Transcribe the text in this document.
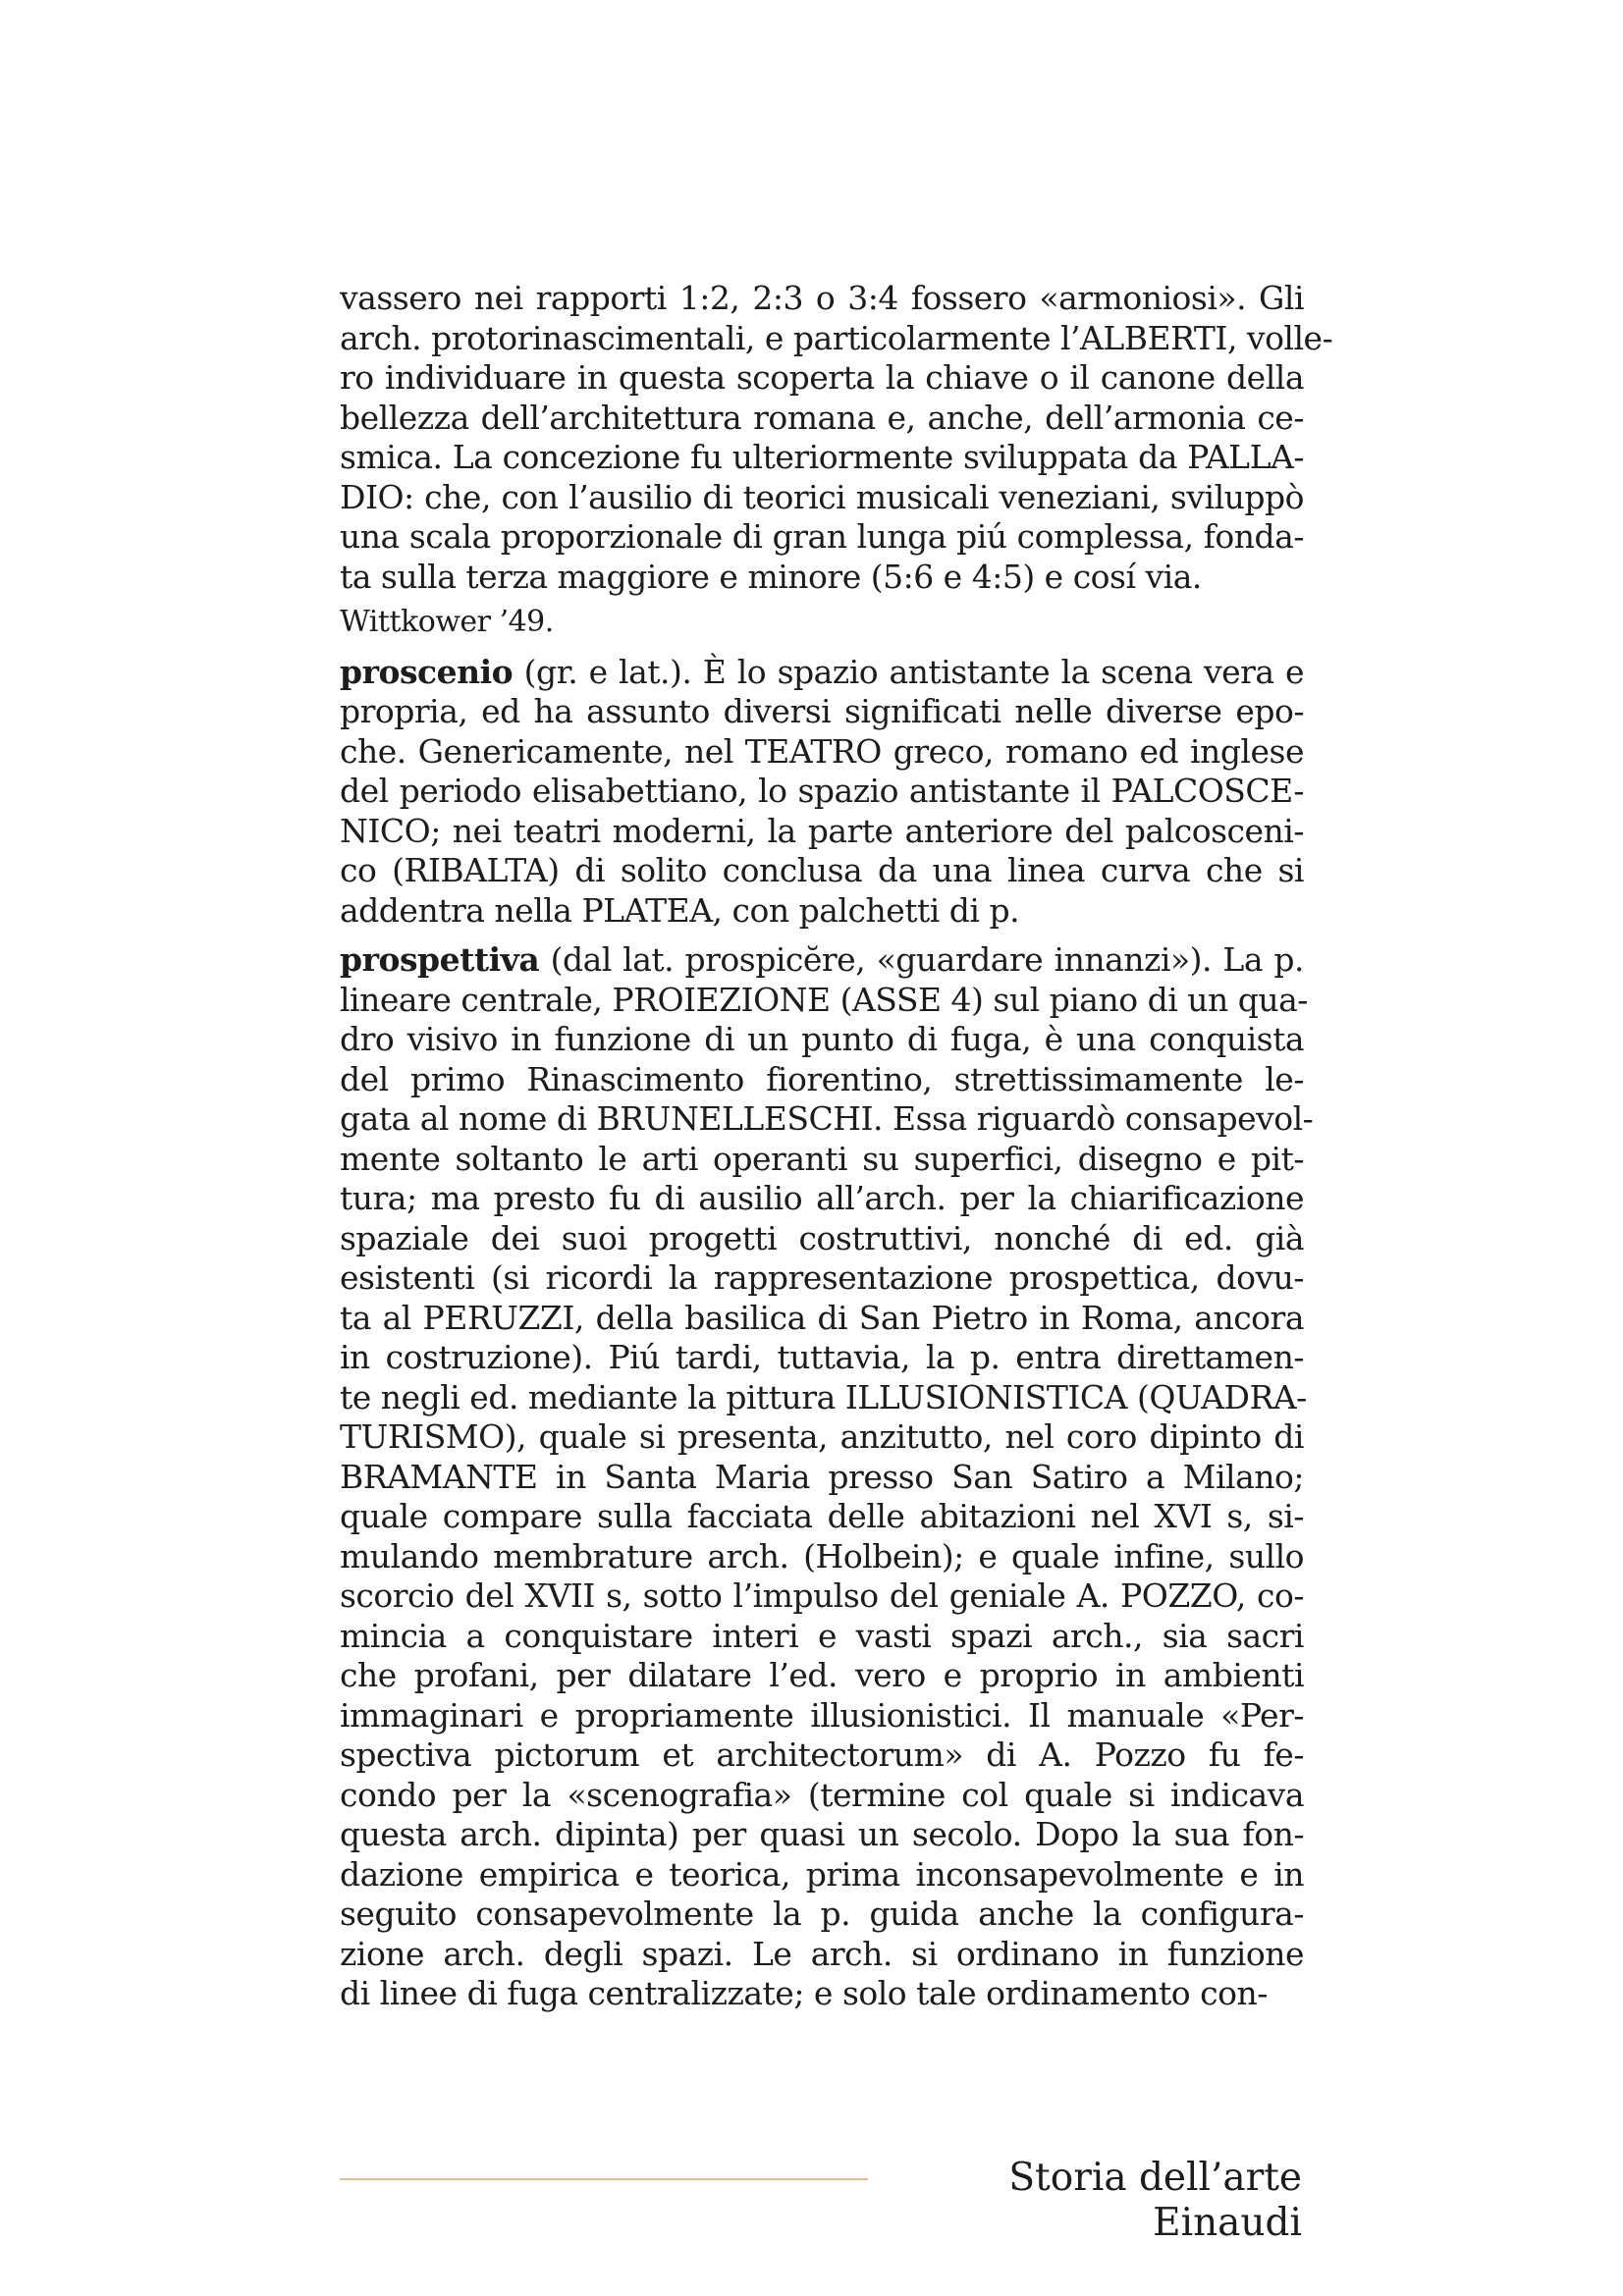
vassero nei rapporti 1:2, 2:3 o 3:4 fossero «armoniosi». Gli
arch. protorinascimentali, e particolarmente l’ALBERTI, volle-
ro individuare in questa scoperta la chiave o il canone della
bellezza dell’architettura romana e, anche, dell’armonia ce-
smica. La concezione fu ulteriormente sviluppata da PALLA-
DIO: che, con l’ausilio di teorici musicali veneziani, sviluppò
una scala proporzionale di gran lunga piú complessa, fonda-
ta sulla terza maggiore e minore (5:6 e 4:5) e cosí via.
Wittkower ’49.
proscenio (gr. e lat.). È lo spazio antistante la scena vera e
propria, ed ha assunto diversi significati nelle diverse epo-
che. Genericamente, nel TEATRO greco, romano ed inglese
del periodo elisabettiano, lo spazio antistante il PALCOSCE-
NICO; nei teatri moderni, la parte anteriore del palcosceni-
co (RIBALTA) di solito conclusa da una linea curva che si
addentra nella PLATEA, con palchetti di p.
prospettiva (dal lat. prospicĕre, «guardare innanzi»). La p.
lineare centrale, PROIEZIONE (ASSE 4) sul piano di un qua-
dro visivo in funzione di un punto di fuga, è una conquista
del primo Rinascimento fiorentino, strettissimamente le-
gata al nome di BRUNELLESCHI. Essa riguardò consapevol-
mente soltanto le arti operanti su superfici, disegno e pit-
tura; ma presto fu di ausilio all’arch. per la chiarificazione
spaziale dei suoi progetti costruttivi, nonché di ed. già
esistenti (si ricordi la rappresentazione prospettica, dovu-
ta al PERUZZI, della basilica di San Pietro in Roma, ancora
in costruzione). Piú tardi, tuttavia, la p. entra direttamen-
te negli ed. mediante la pittura ILLUSIONISTICA (QUADRA-
TURISMO), quale si presenta, anzitutto, nel coro dipinto di
BRAMANTE in Santa Maria presso San Satiro a Milano;
quale compare sulla facciata delle abitazioni nel XVI s, si-
mulando membrature arch. (Holbein); e quale infine, sullo
scorcio del XVII s, sotto l’impulso del geniale A. POZZO, co-
mincia a conquistare interi e vasti spazi arch., sia sacri
che profani, per dilatare l’ed. vero e proprio in ambienti
immaginari e propriamente illusionistici. Il manuale «Per-
spectiva pictorum et architectorum» di A. Pozzo fu fe-
condo per la «scenografia» (termine col quale si indicava
questa arch. dipinta) per quasi un secolo. Dopo la sua fon-
dazione empirica e teorica, prima inconsapevolmente e in
seguito consapevolmente la p. guida anche la configura-
zione arch. degli spazi. Le arch. si ordinano in funzione
di linee di fuga centralizzate; e solo tale ordinamento con-
Storia dell’arte Einaudi
